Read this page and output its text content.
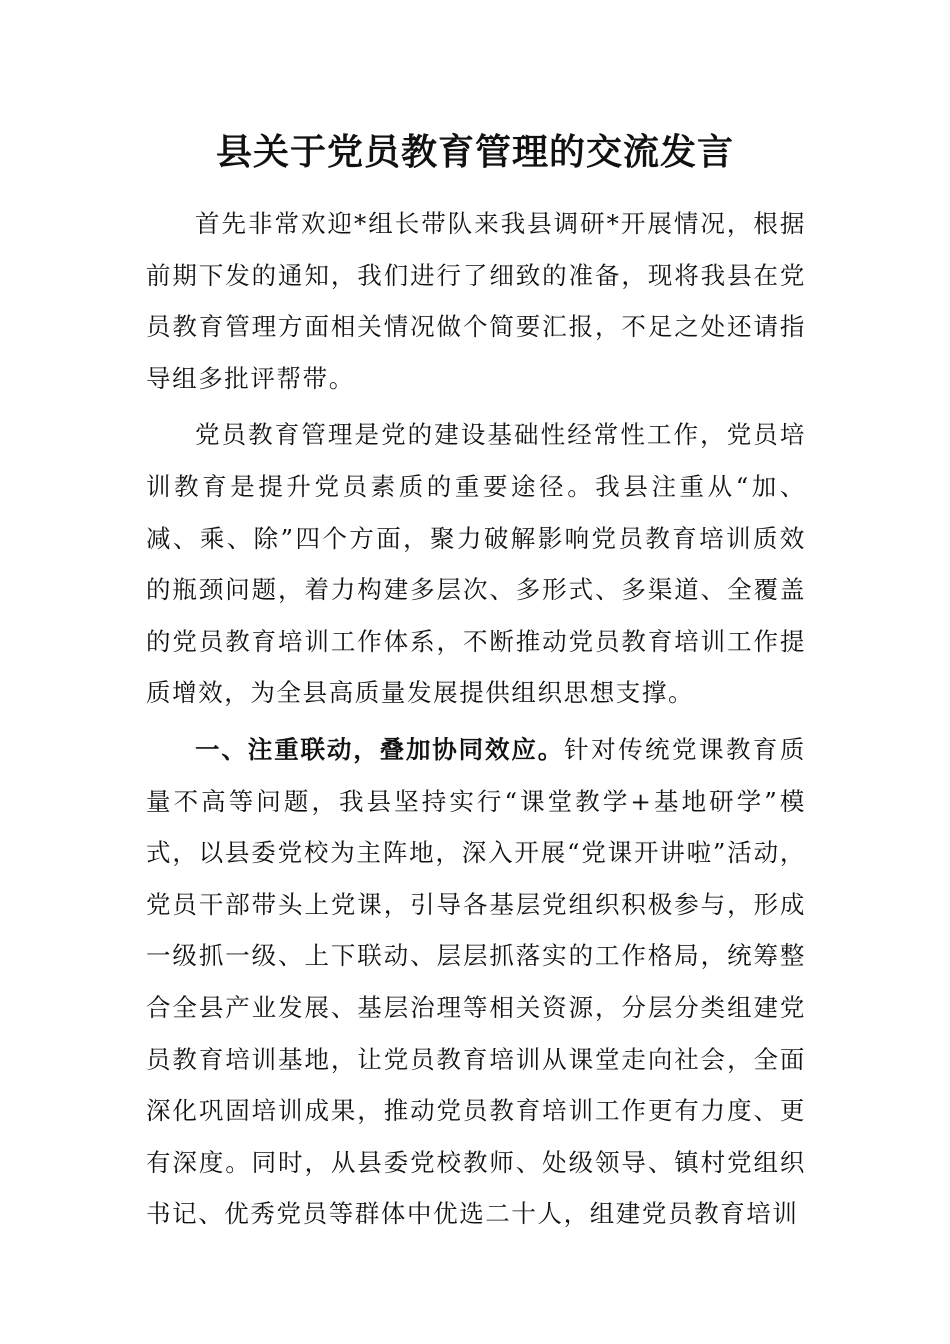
县关于党员教育管理的交流发言

首先非常欢迎*组长带队来我县调研*开展情况，根据前期下发的通知，我们进行了细致的准备，现将我县在党员教育管理方面相关情况做个简要汇报，不足之处还请指导组多批评帮带。

党员教育管理是党的建设基础性经常性工作，党员培训教育是提升党员素质的重要途径。我县注重从“加、减、乘、除”四个方面，聚力破解影响党员教育培训质效的瓶颈问题，着力构建多层次、多形式、多渠道、全覆盖的党员教育培训工作体系，不断推动党员教育培训工作提质增效，为全县高质量发展提供组织思想支撑。

一、注重联动，叠加协同效应。针对传统党课教育质量不高等问题，我县坚持实行“课堂教学+基地研学”模式，以县委党校为主阵地，深入开展“党课开讲啦”活动，党员干部带头上党课，引导各基层党组织积极参与，形成一级抓一级、上下联动、层层抓落实的工作格局，统筹整合全县产业发展、基层治理等相关资源，分层分类组建党员教育培训基地，让党员教育培训从课堂走向社会，全面深化巩固培训成果，推动党员教育培训工作更有力度、更有深度。同时，从县委党校教师、处级领导、镇村党组织书记、优秀党员等群体中优选二十人，组建党员教育培训
